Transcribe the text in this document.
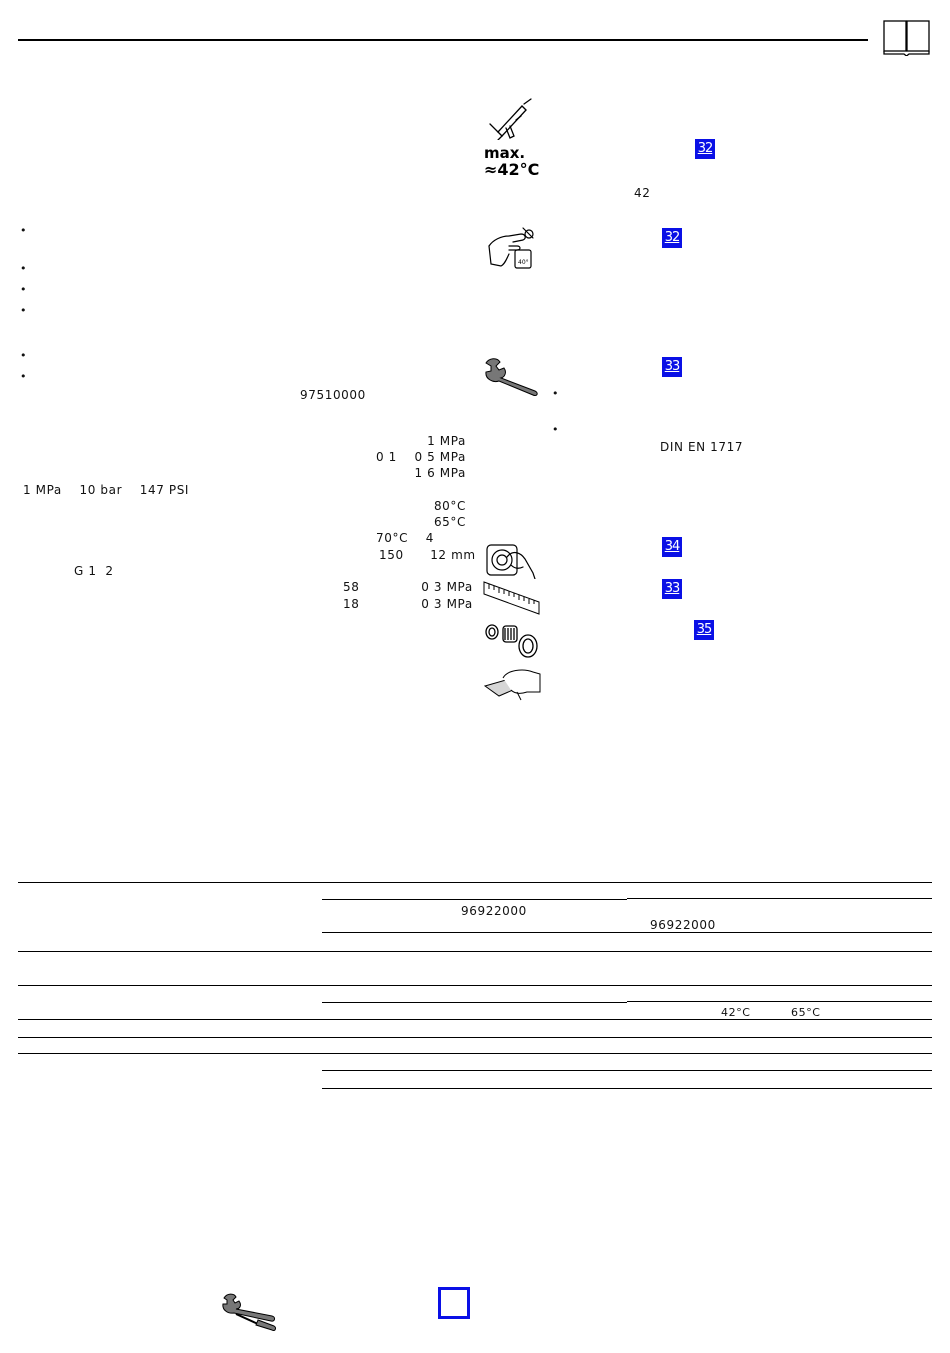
•
•
•
•
•
•
97510000
1 MPa
0 1    0 5 MPa
1 6 MPa
1 MPa    10 bar    147 PSI
80°C
65°C
70°C    4
150      12 mm
G 1  2
58              0 3 MPa
18              0 3 MPa
max.
≈42°C
32
42
40°
32
33
•
•
DIN EN 1717
34
33
35
96922000
96922000
42°C	65°C
